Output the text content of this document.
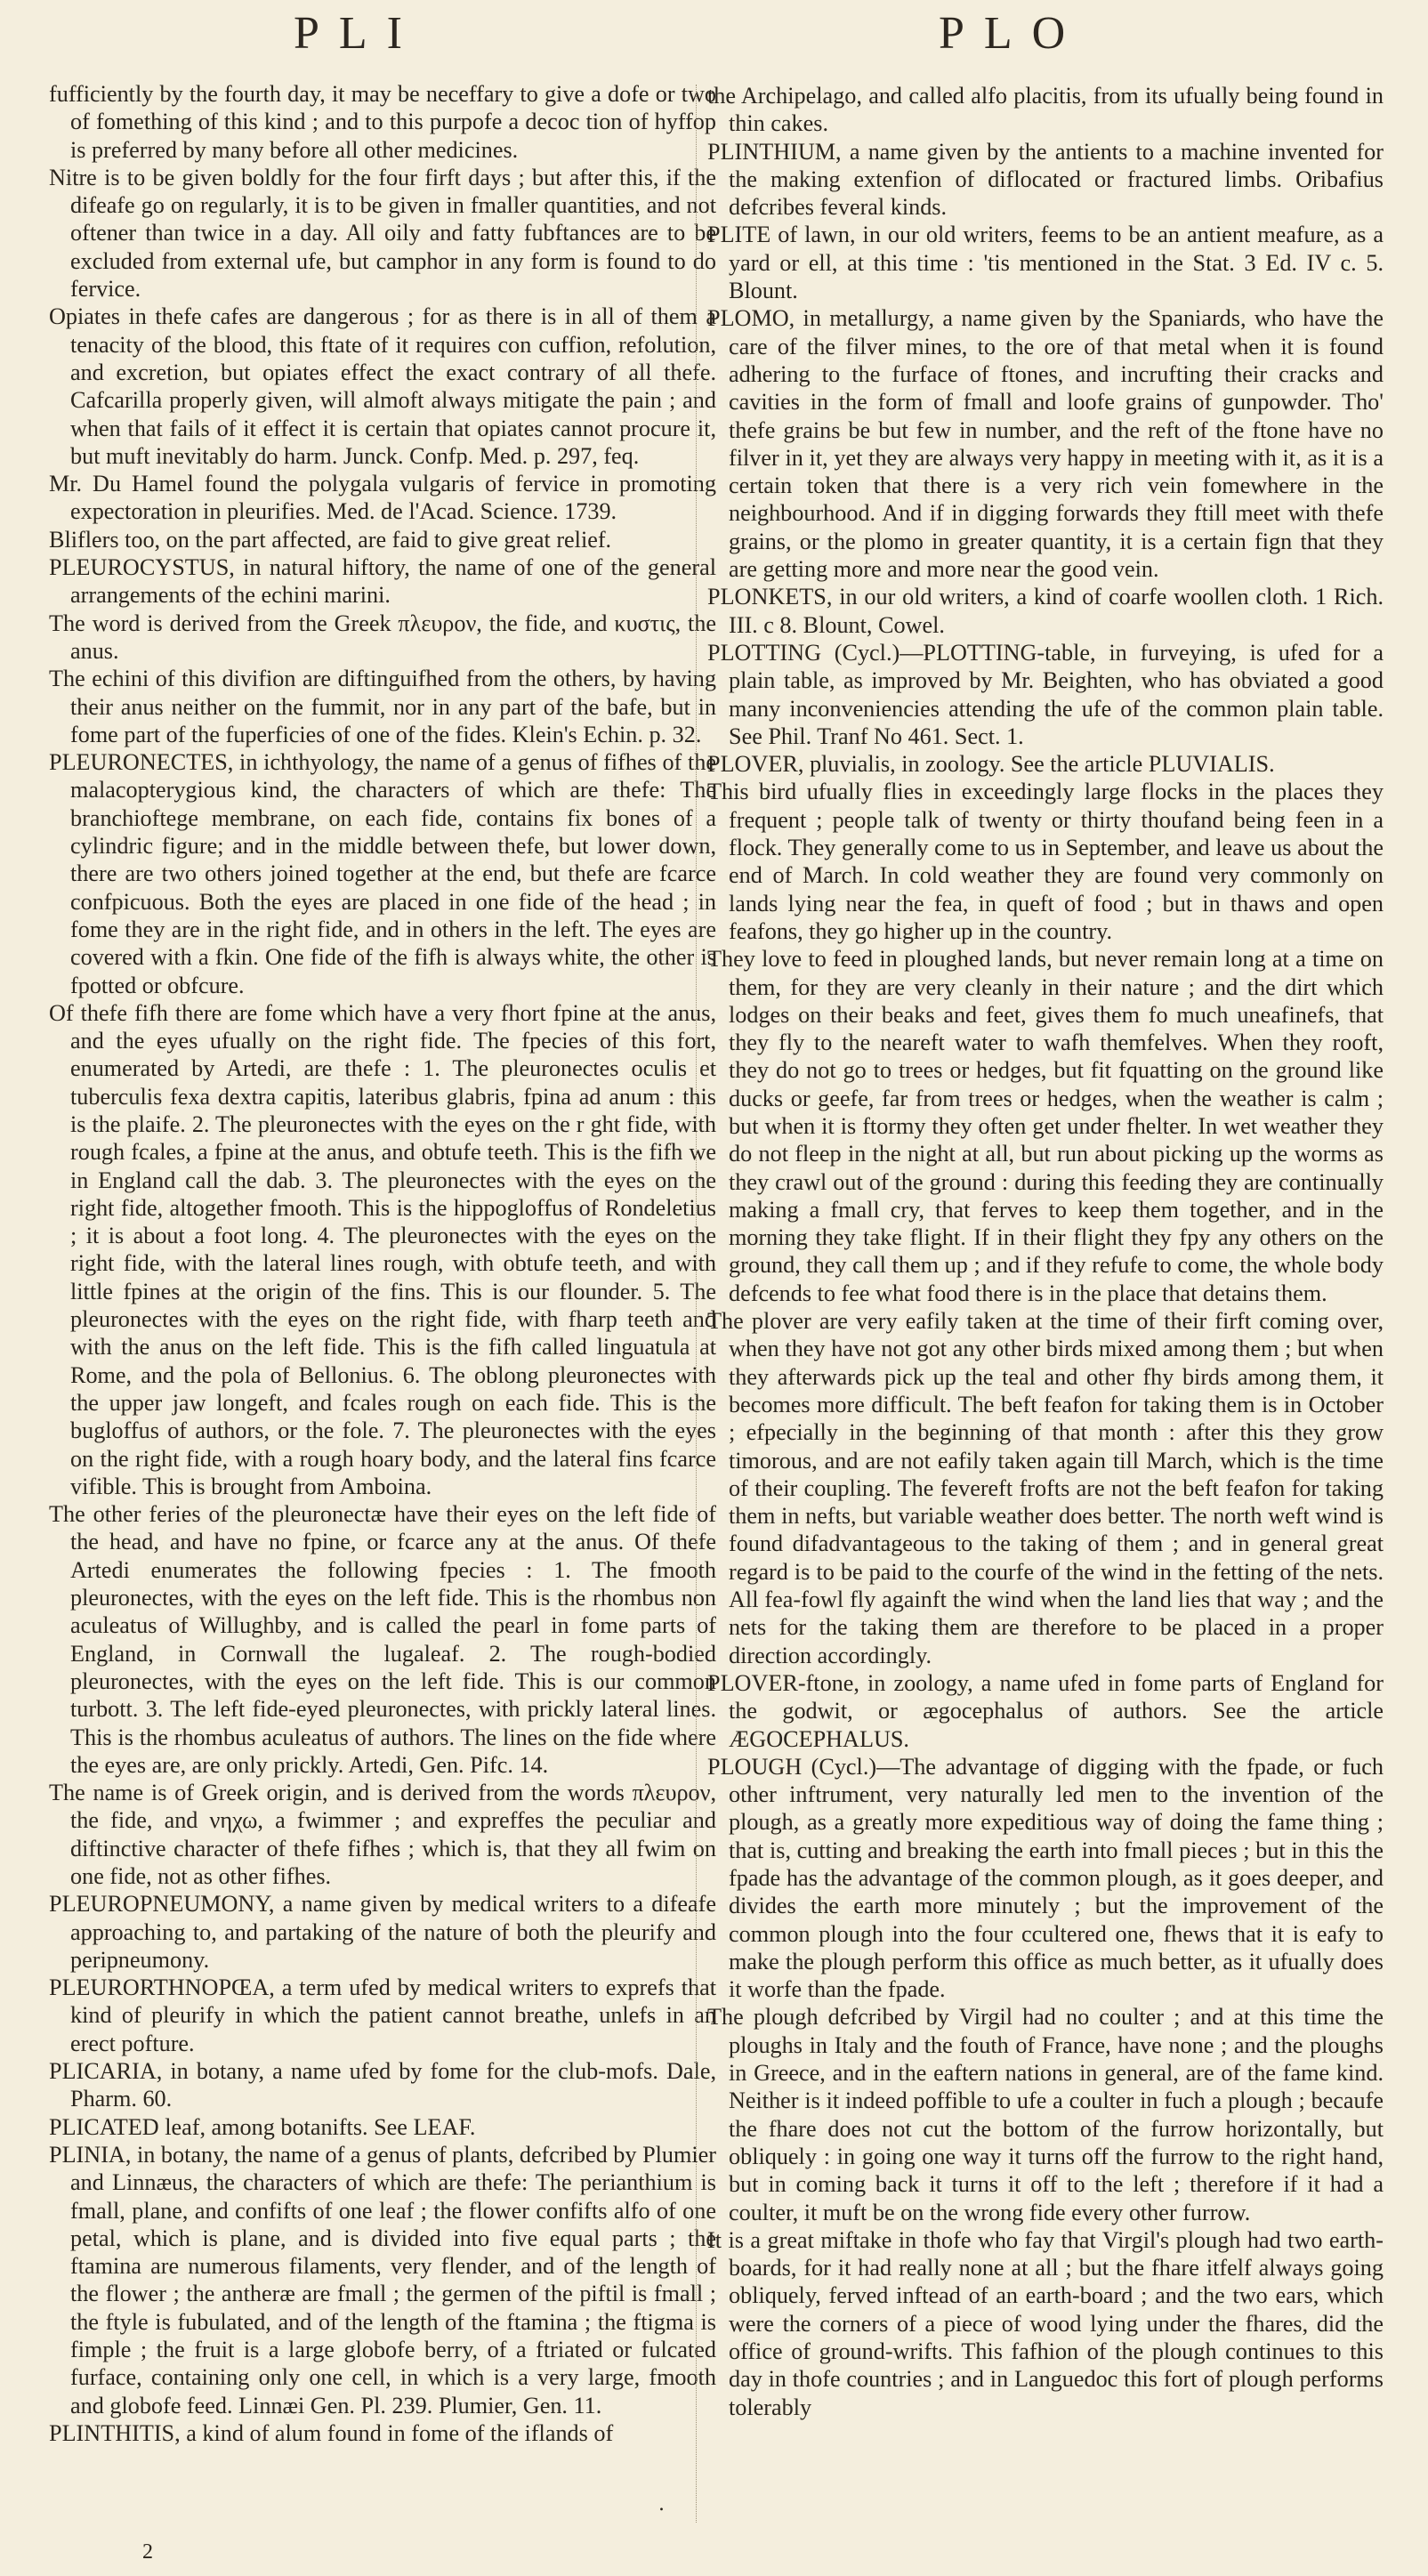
PLI	PLO

fufficiently by the fourth day, it may be neceffary to give a dofe or two of fomething of this kind ; and to this purpofe a decoc tion of hyffop is preferred by many before all other medicines.

Nitre is to be given boldly for the four firft days ; but after this, if the difeafe go on regularly, it is to be given in fmaller quantities, and not oftener than twice in a day. All oily and fatty fubftances are to be excluded from external ufe, but camphor in any form is found to do fervice.

Opiates in thefe cafes are dangerous ; for as there is in all of them a tenacity of the blood, this ftate of it requires con cuffion, refolution, and excretion, but opiates effect the exact contrary of all thefe. Cafcarilla properly given, will almoft always mitigate the pain ; and when that fails of it effect it is certain that opiates cannot procure it, but muft inevitably do harm. Junck. Confp. Med. p. 297, feq.

Mr. Du Hamel found the polygala vulgaris of fervice in promoting expectoration in pleurifies. Med. de l'Acad. Science. 1739.

Bliflers too, on the part affected, are faid to give great relief.

PLEUROCYSTUS, in natural hiftory, the name of one of the general arrangements of the echini marini.

The word is derived from the Greek πλευρον, the fide, and κυστις, the anus.

The echini of this divifion are diftinguifhed from the others, by having their anus neither on the fummit, nor in any part of the bafe, but in fome part of the fuperficies of one of the fides. Klein's Echin. p. 32.

PLEURONECTES, in ichthyology, the name of a genus of fifhes of the malacopterygious kind, the characters of which are thefe: The branchioftege membrane, on each fide, contains fix bones of a cylindric figure; and in the middle between thefe, but lower down, there are two others joined together at the end, but thefe are fcarce confpicuous. Both the eyes are placed in one fide of the head ; in fome they are in the right fide, and in others in the left. The eyes are covered with a fkin. One fide of the fifh is always white, the other is fpotted or obfcure.

Of thefe fifh there are fome which have a very fhort fpine at the anus, and the eyes ufually on the right fide. The fpecies of this fort, enumerated by Artedi, are thefe : 1. The pleuronectes oculis et tuberculis fexa dextra capitis, lateribus glabris, fpina ad anum : this is the plaife. 2. The pleuronectes with the eyes on the r ght fide, with rough fcales, a fpine at the anus, and obtufe teeth. This is the fifh we in England call the dab. 3. The pleuronectes with the eyes on the right fide, altogether fmooth. This is the hippogloffus of Rondeletius ; it is about a foot long. 4. The pleuronectes with the eyes on the right fide, with the lateral lines rough, with obtufe teeth, and with little fpines at the origin of the fins. This is our flounder. 5. The pleuronectes with the eyes on the right fide, with fharp teeth and with the anus on the left fide. This is the fifh called linguatula at Rome, and the pola of Bellonius. 6. The oblong pleuronectes with the upper jaw longeft, and fcales rough on each fide. This is the bugloffus of authors, or the fole. 7. The pleuronectes with the eyes on the right fide, with a rough hoary body, and the lateral fins fcarce vifible. This is brought from Amboina.

The other feries of the pleuronectæ have their eyes on the left fide of the head, and have no fpine, or fcarce any at the anus. Of thefe Artedi enumerates the following fpecies : 1. The fmooth pleuronectes, with the eyes on the left fide. This is the rhombus non aculeatus of Willughby, and is called the pearl in fome parts of England, in Cornwall the lugaleaf. 2. The rough-bodied pleuronectes, with the eyes on the left fide. This is our common turbott. 3. The left fide-eyed pleuronectes, with prickly lateral lines. This is the rhombus aculeatus of authors. The lines on the fide where the eyes are, are only prickly. Artedi, Gen. Pifc. 14.

The name is of Greek origin, and is derived from the words πλευρον, the fide, and νηχω, a fwimmer ; and expreffes the peculiar and diftinctive character of thefe fifhes ; which is, that they all fwim on one fide, not as other fifhes.

PLEUROPNEUMONY, a name given by medical writers to a difeafe approaching to, and partaking of the nature of both the pleurify and peripneumony.

PLEURORTHNOPŒA, a term ufed by medical writers to exprefs that kind of pleurify in which the patient cannot breathe, unlefs in an erect pofture.

PLICARIA, in botany, a name ufed by fome for the club-mofs. Dale, Pharm. 60.

PLICATED leaf, among botanifts. See LEAF.

PLINIA, in botany, the name of a genus of plants, defcribed by Plumier and Linnæus, the characters of which are thefe: The perianthium is fmall, plane, and confifts of one leaf ; the flower confifts alfo of one petal, which is plane, and is divided into five equal parts ; the ftamina are numerous filaments, very flender, and of the length of the flower ; the antheræ are fmall ; the germen of the piftil is fmall ; the ftyle is fubulated, and of the length of the ftamina ; the ftigma is fimple ; the fruit is a large globofe berry, of a ftriated or fulcated furface, containing only one cell, in which is a very large, fmooth and globofe feed. Linnæi Gen. Pl. 239. Plumier, Gen. 11.

PLINTHITIS, a kind of alum found in fome of the iflands of

the Archipelago, and called alfo placitis, from its ufually being found in thin cakes.

PLINTHIUM, a name given by the antients to a machine invented for the making extenfion of diflocated or fractured limbs. Oribafius defcribes feveral kinds.

PLITE of lawn, in our old writers, feems to be an antient meafure, as a yard or ell, at this time : 'tis mentioned in the Stat. 3 Ed. IV c. 5. Blount.

PLOMO, in metallurgy, a name given by the Spaniards, who have the care of the filver mines, to the ore of that metal when it is found adhering to the furface of ftones, and incrufting their cracks and cavities in the form of fmall and loofe grains of gunpowder. Tho' thefe grains be but few in number, and the reft of the ftone have no filver in it, yet they are always very happy in meeting with it, as it is a certain token that there is a very rich vein fomewhere in the neighbourhood. And if in digging forwards they ftill meet with thefe grains, or the plomo in greater quantity, it is a certain fign that they are getting more and more near the good vein.

PLONKETS, in our old writers, a kind of coarfe woollen cloth. 1 Rich. III. c 8. Blount, Cowel.

PLOTTING (Cycl.)—PLOTTING-table, in furveying, is ufed for a plain table, as improved by Mr. Beighten, who has obviated a good many inconveniencies attending the ufe of the common plain table. See Phil. Tranf No 461. Sect. 1.

PLOVER, pluvialis, in zoology. See the article PLUVIALIS.

This bird ufually flies in exceedingly large flocks in the places they frequent ; people talk of twenty or thirty thoufand being feen in a flock. They generally come to us in September, and leave us about the end of March. In cold weather they are found very commonly on lands lying near the fea, in queft of food ; but in thaws and open feafons, they go higher up in the country.

They love to feed in ploughed lands, but never remain long at a time on them, for they are very cleanly in their nature ; and the dirt which lodges on their beaks and feet, gives them fo much uneafinefs, that they fly to the neareft water to wafh themfelves. When they rooft, they do not go to trees or hedges, but fit fquatting on the ground like ducks or geefe, far from trees or hedges, when the weather is calm ; but when it is ftormy they often get under fhelter. In wet weather they do not fleep in the night at all, but run about picking up the worms as they crawl out of the ground : during this feeding they are continually making a fmall cry, that ferves to keep them together, and in the morning they take flight. If in their flight they fpy any others on the ground, they call them up ; and if they refufe to come, the whole body defcends to fee what food there is in the place that detains them.

The plover are very eafily taken at the time of their firft coming over, when they have not got any other birds mixed among them ; but when they afterwards pick up the teal and other fhy birds among them, it becomes more difficult. The beft feafon for taking them is in October ; efpecially in the beginning of that month : after this they grow timorous, and are not eafily taken again till March, which is the time of their coupling. The fevereft frofts are not the beft feafon for taking them in nefts, but variable weather does better. The north weft wind is found difadvantageous to the taking of them ; and in general great regard is to be paid to the courfe of the wind in the fetting of the nets. All fea-fowl fly againft the wind when the land lies that way ; and the nets for the taking them are therefore to be placed in a proper direction accordingly.

PLOVER-ftone, in zoology, a name ufed in fome parts of England for the godwit, or ægocephalus of authors. See the article ÆGOCEPHALUS.

PLOUGH (Cycl.)—The advantage of digging with the fpade, or fuch other inftrument, very naturally led men to the invention of the plough, as a greatly more expeditious way of doing the fame thing ; that is, cutting and breaking the earth into fmall pieces ; but in this the fpade has the advantage of the common plough, as it goes deeper, and divides the earth more minutely ; but the improvement of the common plough into the four ccultered one, fhews that it is eafy to make the plough perform this office as much better, as it ufually does it worfe than the fpade.

The plough defcribed by Virgil had no coulter ; and at this time the ploughs in Italy and the fouth of France, have none ; and the ploughs in Greece, and in the eaftern nations in general, are of the fame kind. Neither is it indeed poffible to ufe a coulter in fuch a plough ; becaufe the fhare does not cut the bottom of the furrow horizontally, but obliquely : in going one way it turns off the furrow to the right hand, but in coming back it turns it off to the left ; therefore if it had a coulter, it muft be on the wrong fide every other furrow.

It is a great miftake in thofe who fay that Virgil's plough had two earth-boards, for it had really none at all ; but the fhare itfelf always going obliquely, ferved inftead of an earth-board ; and the two ears, which were the corners of a piece of wood lying under the fhares, did the office of ground-wrifts. This fafhion of the plough continues to this day in thofe countries ; and in Languedoc this fort of plough performs tolerably

.
2
